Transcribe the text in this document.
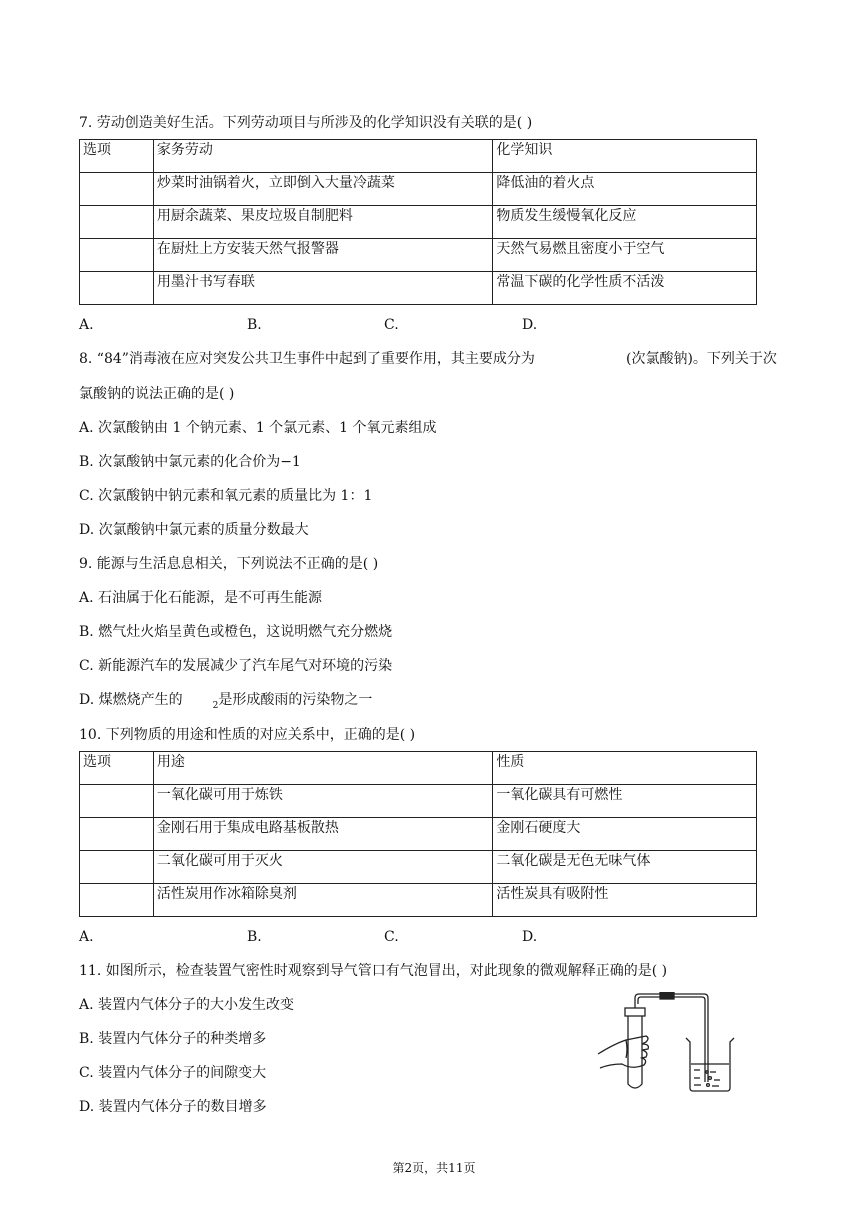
7. 劳动创造美好生活。下列劳动项目与所涉及的化学知识没有关联的是( )
选项	家务劳动	化学知识
	炒菜时油锅着火，立即倒入大量冷蔬菜	降低油的着火点
	用厨余蔬菜、果皮垃圾自制肥料	物质发生缓慢氧化反应
	在厨灶上方安装天然气报警器	天然气易燃且密度小于空气
	用墨汁书写春联	常温下碳的化学性质不活泼
A.	B.	C.	D.
8. “84”消毒液在应对突发公共卫生事件中起到了重要作用，其主要成分为	(次氯酸钠)。下列关于次
氯酸钠的说法正确的是( )
A. 次氯酸钠由 1 个钠元素、1 个氯元素、1 个氧元素组成
B. 次氯酸钠中氯元素的化合价为−1
C. 次氯酸钠中钠元素和氧元素的质量比为 1：1
D. 次氯酸钠中氯元素的质量分数最大
9. 能源与生活息息相关，下列说法不正确的是( )
A. 石油属于化石能源，是不可再生能源
B. 燃气灶火焰呈黄色或橙色，这说明燃气充分燃烧
C. 新能源汽车的发展减少了汽车尾气对环境的污染
D. 煤燃烧产生的	$_2$是形成酸雨的污染物之一
10. 下列物质的用途和性质的对应关系中，正确的是( )
选项	用途	性质
	一氧化碳可用于炼铁	一氧化碳具有可燃性
	金刚石用于集成电路基板散热	金刚石硬度大
	二氧化碳可用于灭火	二氧化碳是无色无味气体
	活性炭用作冰箱除臭剂	活性炭具有吸附性
A.	B.	C.	D.
11. 如图所示，检查装置气密性时观察到导气管口有气泡冒出，对此现象的微观解释正确的是( )
A. 装置内气体分子的大小发生改变
B. 装置内气体分子的种类增多
C. 装置内气体分子的间隙变大
D. 装置内气体分子的数目增多
第2页，共11页
